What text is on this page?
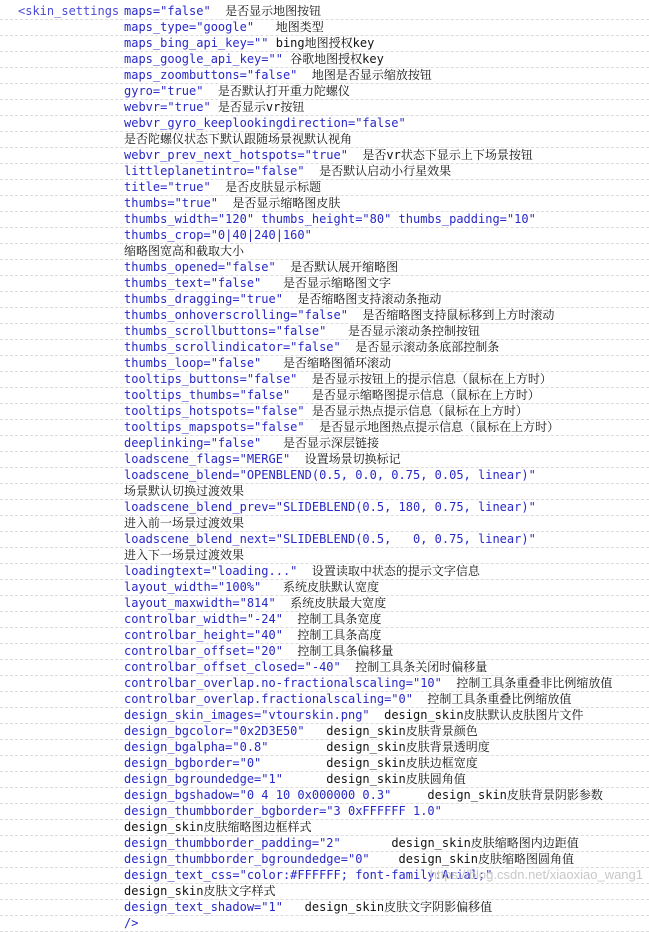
<skin_settings maps="false"  是否显示地图按钮
maps_type="google"   地图类型
maps_bing_api_key="" bing地图授权key
maps_google_api_key="" 谷歌地图授权key
maps_zoombuttons="false"  地图是否显示缩放按钮
gyro="true"  是否默认打开重力陀螺仪
webvr="true" 是否显示vr按钮
webvr_gyro_keeplookingdirection="false"
是否陀螺仪状态下默认跟随场景视默认视角
webvr_prev_next_hotspots="true"  是否vr状态下显示上下场景按钮
littleplanetintro="false"  是否默认启动小行星效果
title="true"  是否皮肤显示标题
thumbs="true"  是否显示缩略图皮肤
thumbs_width="120" thumbs_height="80" thumbs_padding="10"
thumbs_crop="0|40|240|160"
缩略图宽高和截取大小
thumbs_opened="false"  是否默认展开缩略图
thumbs_text="false"   是否显示缩略图文字
thumbs_dragging="true"  是否缩略图支持滚动条拖动
thumbs_onhoverscrolling="false"  是否缩略图支持鼠标移到上方时滚动
thumbs_scrollbuttons="false"   是否显示滚动条控制按钮
thumbs_scrollindicator="false"  是否显示滚动条底部控制条
thumbs_loop="false"   是否缩略图循环滚动
tooltips_buttons="false"  是否显示按钮上的提示信息（鼠标在上方时）
tooltips_thumbs="false"   是否显示缩略图提示信息（鼠标在上方时）
tooltips_hotspots="false" 是否显示热点提示信息（鼠标在上方时）
tooltips_mapspots="false"  是否显示地图热点提示信息（鼠标在上方时）
deeplinking="false"   是否显示深层链接
loadscene_flags="MERGE"  设置场景切换标记
loadscene_blend="OPENBLEND(0.5, 0.0, 0.75, 0.05, linear)"
场景默认切换过渡效果
loadscene_blend_prev="SLIDEBLEND(0.5, 180, 0.75, linear)"
进入前一场景过渡效果
loadscene_blend_next="SLIDEBLEND(0.5,   0, 0.75, linear)"
进入下一场景过渡效果
loadingtext="loading..."  设置读取中状态的提示文字信息
layout_width="100%"   系统皮肤默认宽度
layout_maxwidth="814"  系统皮肤最大宽度
controlbar_width="-24"  控制工具条宽度
controlbar_height="40"  控制工具条高度
controlbar_offset="20"  控制工具条偏移量
controlbar_offset_closed="-40"  控制工具条关闭时偏移量
controlbar_overlap.no-fractionalscaling="10"  控制工具条重叠非比例缩放值
controlbar_overlap.fractionalscaling="0"  控制工具条重叠比例缩放值
design_skin_images="vtourskin.png"  design_skin皮肤默认皮肤图片文件
design_bgcolor="0x2D3E50"   design_skin皮肤背景颜色
design_bgalpha="0.8"        design_skin皮肤背景透明度
design_bgborder="0"         design_skin皮肤边框宽度
design_bgroundedge="1"      design_skin皮肤圆角值
design_bgshadow="0 4 10 0x000000 0.3"     design_skin皮肤背景阴影参数
design_thumbborder_bgborder="3 0xFFFFFF 1.0"
design_skin皮肤缩略图边框样式
design_thumbborder_padding="2"       design_skin皮肤缩略图内边距值
design_thumbborder_bgroundedge="0"    design_skin皮肤缩略图圆角值
design_text_css="color:#FFFFFF; font-family:Arial;"
design_skin皮肤文字样式
design_text_shadow="1"   design_skin皮肤文字阴影偏移值
/>
https://blog.csdn.net/xiaoxiao_wang1
